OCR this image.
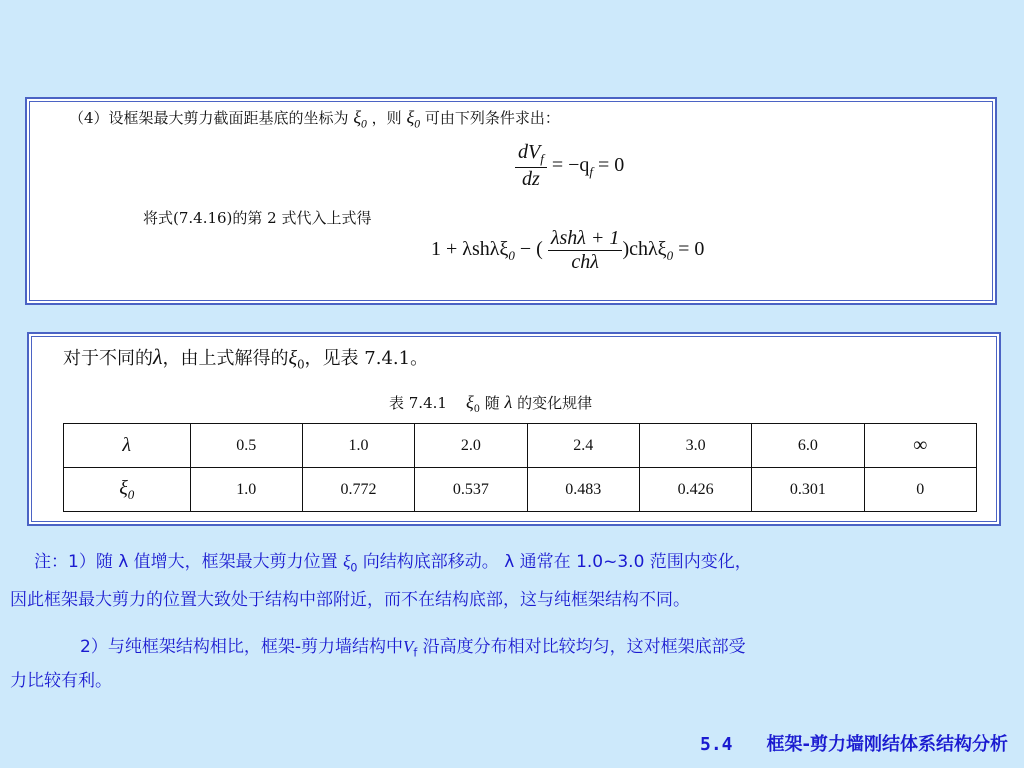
（4）设框架最大剪力截面距基底的坐标为 $\xi_0$ ，则 $\xi_0$ 可由下列条件求出：
$\frac{dV_f}{dz} = -q_f = 0$
将式(7.4.16)的第 2 式代入上式得
1 + λshλξ$_0$ − ( $\frac{\text{λshλ + 1}}{\text{chλ}} )ch\lambda\xi_0 = 0$
对于不同的λ，由上式解得的$\xi_0$，见表 7.4.1。
表 7.4.1 $\xi_0$ 随 λ 的变化规律
λ	0.5	1.0	2.0	2.4	3.0	6.0	∞
$\xi_0$	1.0	0.772	0.537	0.483	0.426	0.301	0
注：1）随 λ 值增大，框架最大剪力位置 $\xi_0$ 向结构底部移动。 λ 通常在 1.0~3.0 范围内变化，
因此框架最大剪力的位置大致处于结构中部附近，而不在结构底部，这与纯框架结构不同。
2）与纯框架结构相比，框架-剪力墙结构中$V_f$ 沿高度分布相对比较均匀，这对框架底部受
力比较有利。
5.4 框架-剪力墙刚结体系结构分析
